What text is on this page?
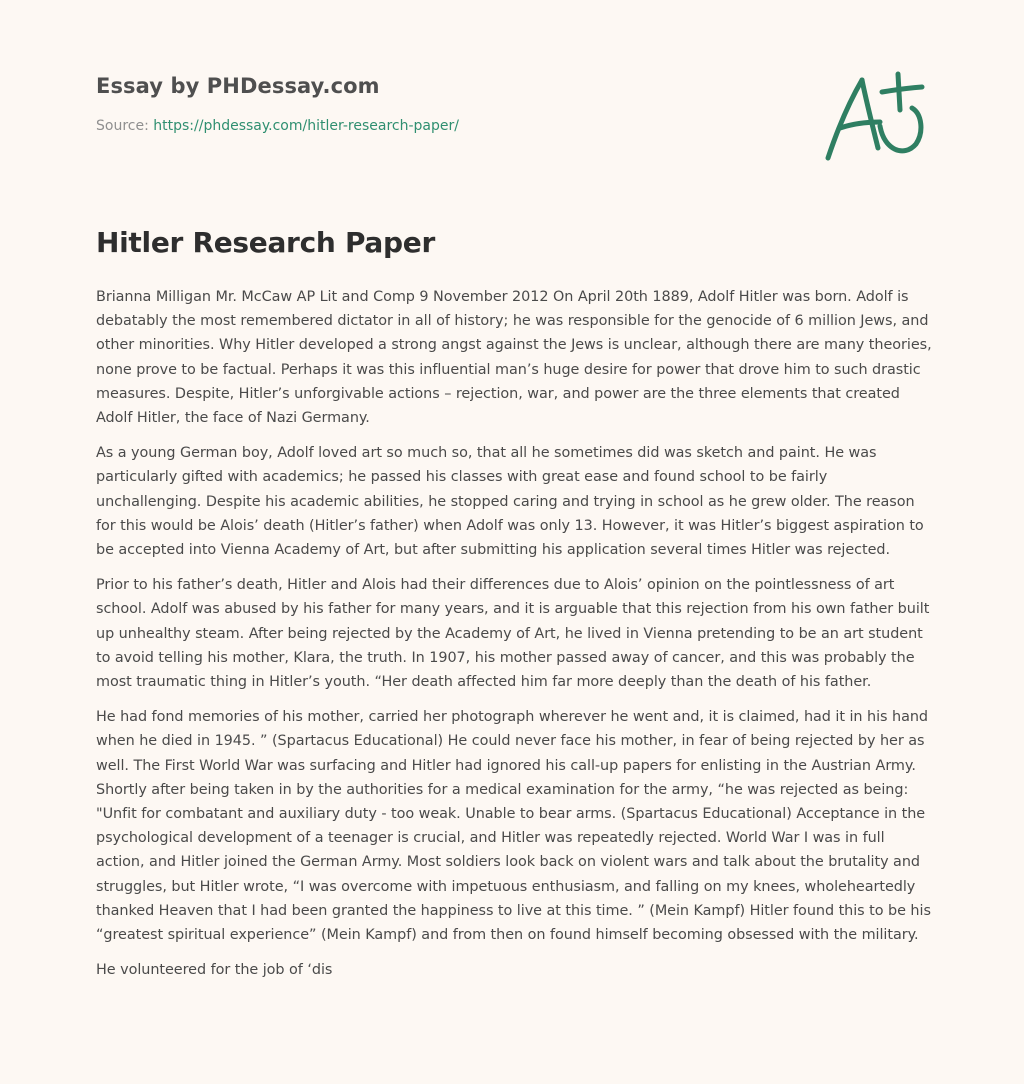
Essay by PHDessay.com
Source: https://phdessay.com/hitler-research-paper/
Hitler Research Paper

Brianna Milligan Mr. McCaw AP Lit and Comp 9 November 2012 On April 20th 1889, Adolf Hitler was born. Adolf is debatably the most remembered dictator in all of history; he was responsible for the genocide of 6 million Jews, and other minorities. Why Hitler developed a strong angst against the Jews is unclear, although there are many theories, none prove to be factual. Perhaps it was this influential man’s huge desire for power that drove him to such drastic measures. Despite, Hitler’s unforgivable actions – rejection, war, and power are the three elements that created Adolf Hitler, the face of Nazi Germany.

As a young German boy, Adolf loved art so much so, that all he sometimes did was sketch and paint. He was particularly gifted with academics; he passed his classes with great ease and found school to be fairly unchallenging. Despite his academic abilities, he stopped caring and trying in school as he grew older. The reason for this would be Alois’ death (Hitler’s father) when Adolf was only 13. However, it was Hitler’s biggest aspiration to be accepted into Vienna Academy of Art, but after submitting his application several times Hitler was rejected.

Prior to his father’s death, Hitler and Alois had their differences due to Alois’ opinion on the pointlessness of art school. Adolf was abused by his father for many years, and it is arguable that this rejection from his own father built up unhealthy steam. After being rejected by the Academy of Art, he lived in Vienna pretending to be an art student to avoid telling his mother, Klara, the truth. In 1907, his mother passed away of cancer, and this was probably the most traumatic thing in Hitler’s youth. “Her death affected him far more deeply than the death of his father.

He had fond memories of his mother, carried her photograph wherever he went and, it is claimed, had it in his hand when he died in 1945. ” (Spartacus Educational) He could never face his mother, in fear of being rejected by her as well. The First World War was surfacing and Hitler had ignored his call-up papers for enlisting in the Austrian Army. Shortly after being taken in by the authorities for a medical examination for the army, “he was rejected as being: "Unfit for combatant and auxiliary duty - too weak. Unable to bear arms. (Spartacus Educational) Acceptance in the psychological development of a teenager is crucial, and Hitler was repeatedly rejected. World War I was in full action, and Hitler joined the German Army. Most soldiers look back on violent wars and talk about the brutality and struggles, but Hitler wrote, “I was overcome with impetuous enthusiasm, and falling on my knees, wholeheartedly thanked Heaven that I had been granted the happiness to live at this time. ” (Mein Kampf) Hitler found this to be his “greatest spiritual experience” (Mein Kampf) and from then on found himself becoming obsessed with the military.

He volunteered for the job of ‘dis
